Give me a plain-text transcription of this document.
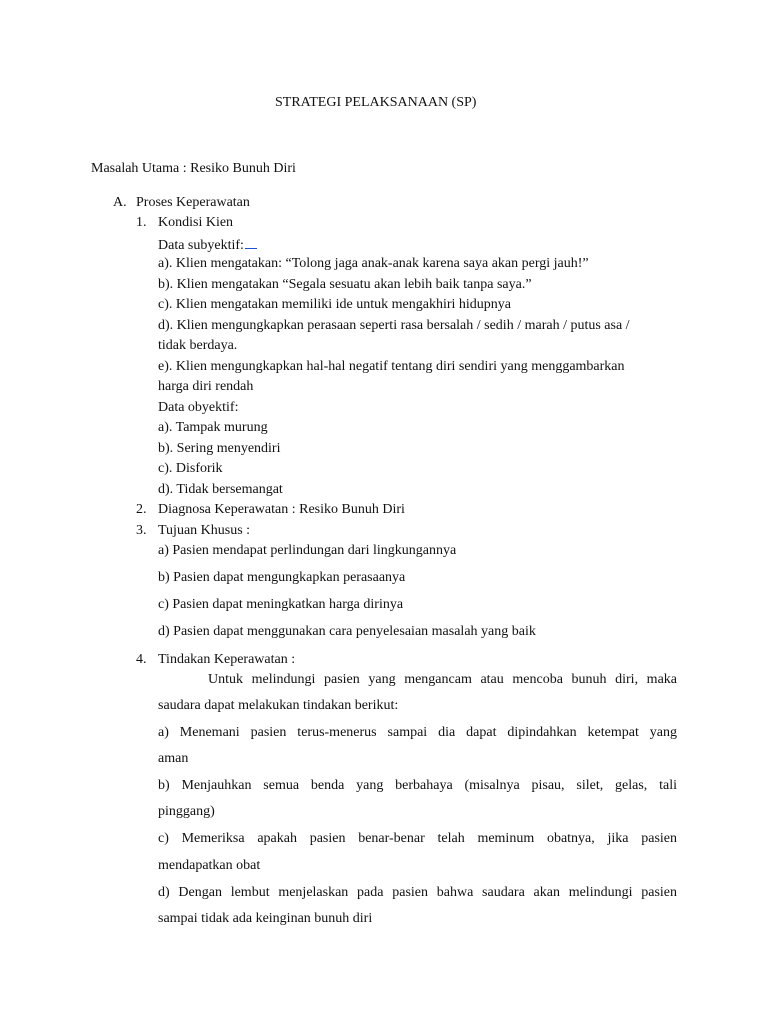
STRATEGI PELAKSANAAN (SP)
Masalah Utama : Resiko Bunuh Diri
A. Proses Keperawatan
1. Kondisi Kien
Data subyektif:
a). Klien mengatakan: “Tolong jaga anak-anak karena saya akan pergi jauh!”
b). Klien mengatakan “Segala sesuatu akan lebih baik tanpa saya.”
c). Klien mengatakan memiliki ide untuk mengakhiri hidupnya
d). Klien mengungkapkan perasaan seperti rasa bersalah / sedih / marah / putus asa /
tidak berdaya.
e). Klien mengungkapkan hal-hal negatif tentang diri sendiri yang menggambarkan
harga diri rendah
Data obyektif:
a). Tampak murung
b). Sering menyendiri
c). Disforik
d). Tidak bersemangat
2. Diagnosa Keperawatan : Resiko Bunuh Diri
3. Tujuan Khusus :
a) Pasien mendapat perlindungan dari lingkungannya
b) Pasien dapat mengungkapkan perasaanya
c) Pasien dapat meningkatkan harga dirinya
d) Pasien dapat menggunakan cara penyelesaian masalah yang baik
4. Tindakan Keperawatan :
Untuk melindungi pasien yang mengancam atau mencoba bunuh diri, maka
saudara dapat melakukan tindakan berikut:
a) Menemani pasien terus-menerus sampai dia dapat dipindahkan ketempat yang
aman
b) Menjauhkan semua benda yang berbahaya (misalnya pisau, silet, gelas, tali
pinggang)
c) Memeriksa apakah pasien benar-benar telah meminum obatnya, jika pasien
mendapatkan obat
d) Dengan lembut menjelaskan pada pasien bahwa saudara akan melindungi pasien
sampai tidak ada keinginan bunuh diri
